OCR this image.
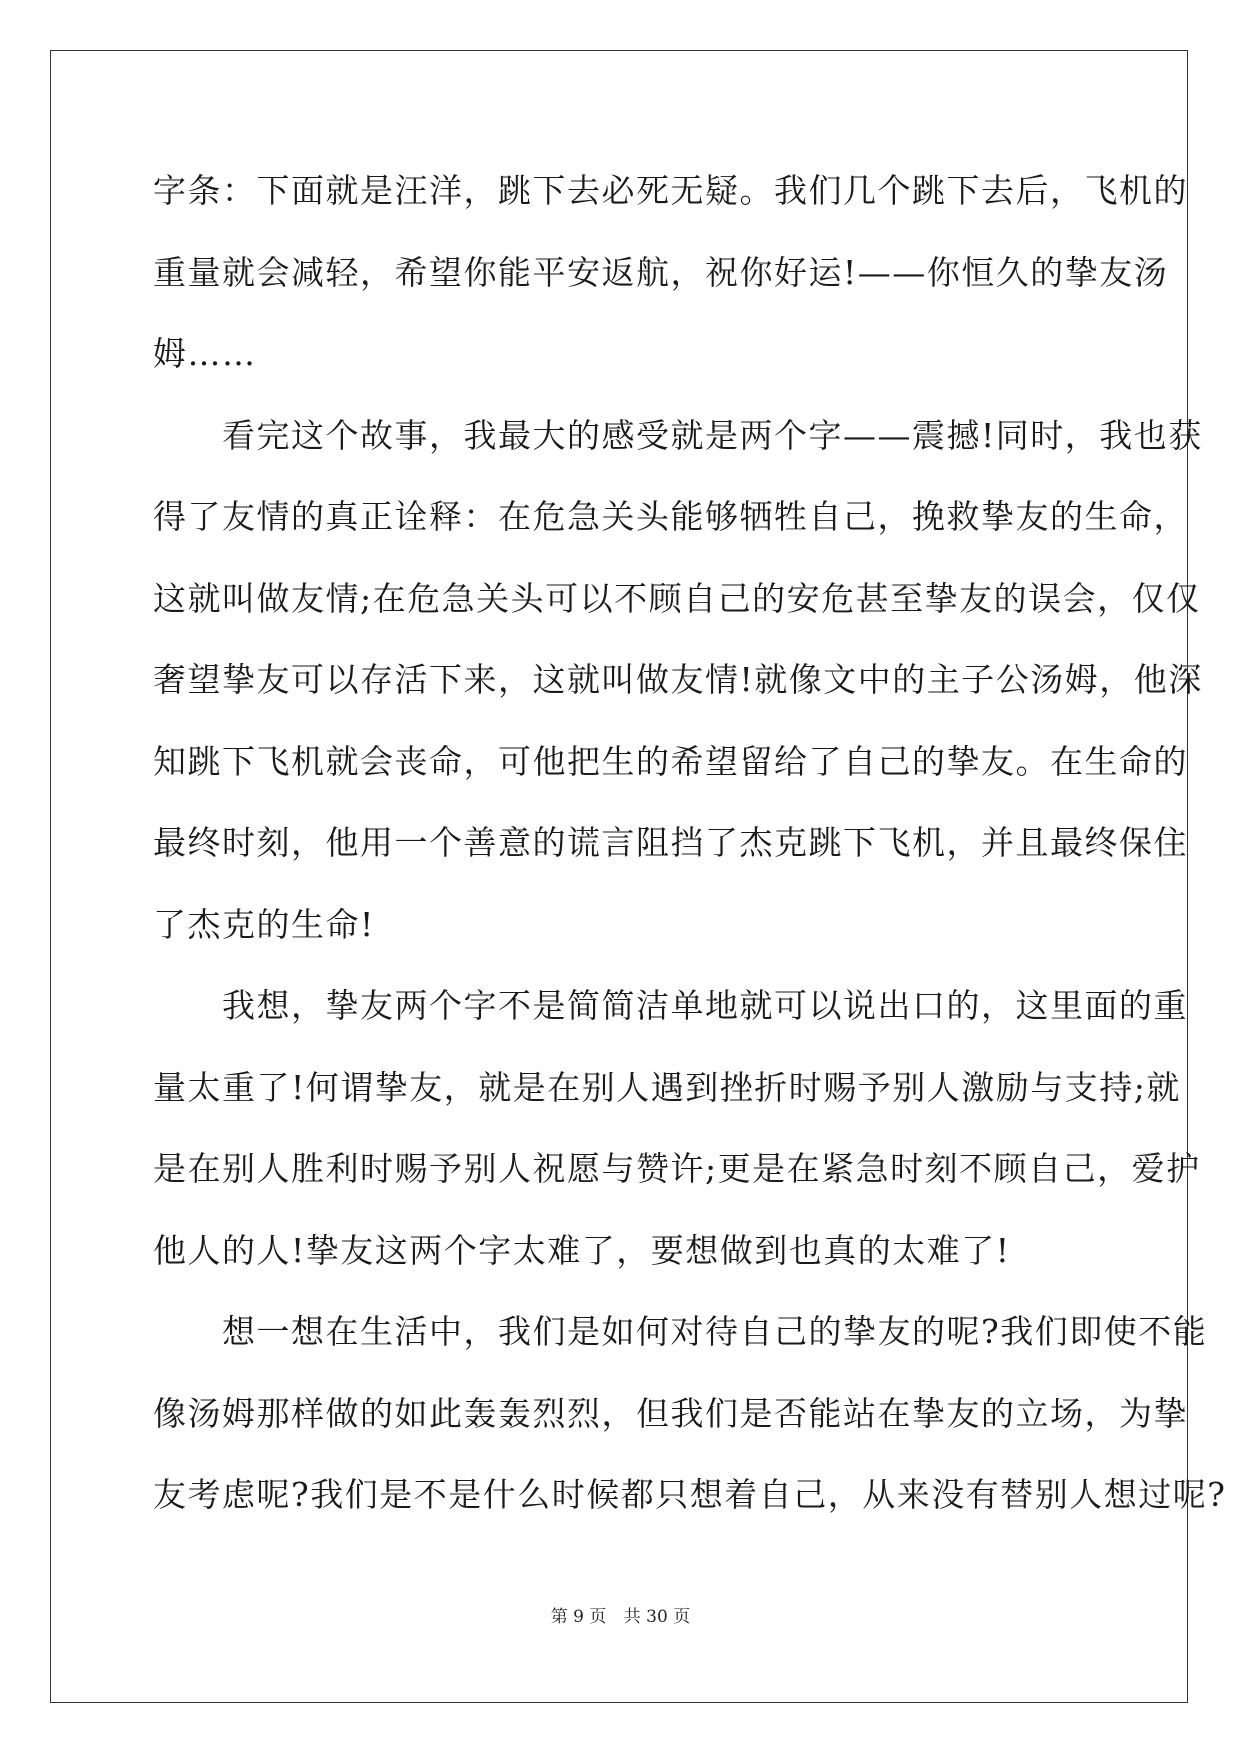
字条：下面就是汪洋，跳下去必死无疑。我们几个跳下去后，飞机的
重量就会减轻，希望你能平安返航，祝你好运!——你恒久的挚友汤
姆……
　　看完这个故事，我最大的感受就是两个字——震撼!同时，我也获
得了友情的真正诠释：在危急关头能够牺牲自己，挽救挚友的生命，
这就叫做友情;在危急关头可以不顾自己的安危甚至挚友的误会，仅仅
奢望挚友可以存活下来，这就叫做友情!就像文中的主子公汤姆，他深
知跳下飞机就会丧命，可他把生的希望留给了自己的挚友。在生命的
最终时刻，他用一个善意的谎言阻挡了杰克跳下飞机，并且最终保住
了杰克的生命!
　　我想，挚友两个字不是简简洁单地就可以说出口的，这里面的重
量太重了!何谓挚友，就是在别人遇到挫折时赐予别人激励与支持;就
是在别人胜利时赐予别人祝愿与赞许;更是在紧急时刻不顾自己，爱护
他人的人!挚友这两个字太难了，要想做到也真的太难了!
　　想一想在生活中，我们是如何对待自己的挚友的呢?我们即使不能
像汤姆那样做的如此轰轰烈烈，但我们是否能站在挚友的立场，为挚
友考虑呢?我们是不是什么时候都只想着自己，从来没有替别人想过呢?
第 9 页 共 30 页
